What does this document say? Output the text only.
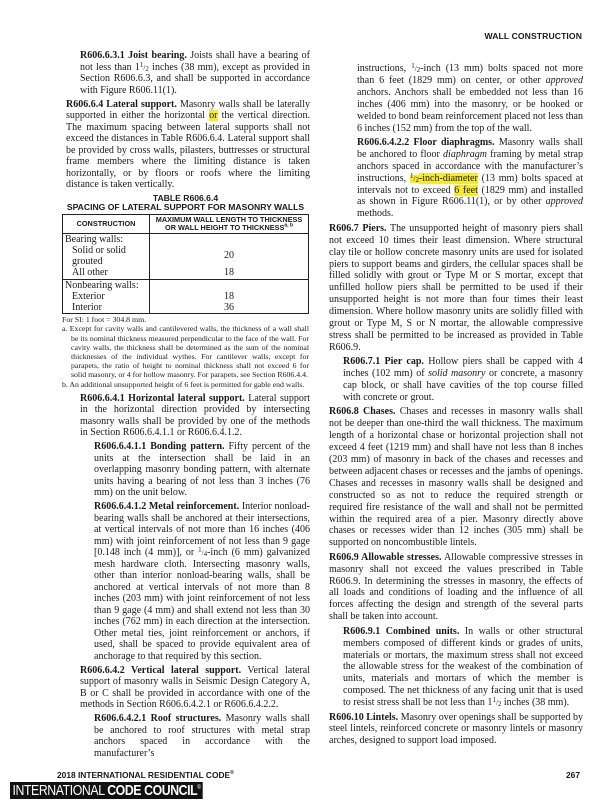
WALL CONSTRUCTION

R606.6.3.1 Joist bearing. Joists shall have a bearing of not less than 11/2 inches (38 mm), except as provided in Section R606.6.3, and shall be supported in accordance with Figure R606.11(1).

R606.6.4 Lateral support. Masonry walls shall be laterally supported in either the horizontal or the vertical direction. The maximum spacing between lateral supports shall not exceed the distances in Table R606.6.4. Lateral support shall be provided by cross walls, pilasters, buttresses or structural frame members where the limiting distance is taken horizontally, or by floors or roofs where the limiting distance is taken vertically.

TABLE R606.6.4
SPACING OF LATERAL SUPPORT FOR MASONRY WALLS
CONSTRUCTION	MAXIMUM WALL LENGTH TO THICKNESS OR WALL HEIGHT TO THICKNESS$^{a, b}$
Bearing walls:	
Solid or solid grouted	20
All other	18
Nonbearing walls:	
Exterior	18
Interior	36
For SI: 1 foot = 304.8 mm.
a. Except for cavity walls and cantilevered walls, the thickness of a wall shall be its nominal thickness measured perpendicular to the face of the wall. For cavity walls, the thickness shall be determined as the sum of the nominal thicknesses of the individual wythes. For cantilever walls, except for parapets, the ratio of height to nominal thickness shall not exceed 6 for solid masonry, or 4 for hollow masonry. For parapets, see Section R606.4.4.
b. An additional unsupported height of 6 feet is permitted for gable end walls.

R606.6.4.1 Horizontal lateral support. Lateral support in the horizontal direction provided by intersecting masonry walls shall be provided by one of the methods in Section R606.6.4.1.1 or R606.6.4.1.2.

R606.6.4.1.1 Bonding pattern. Fifty percent of the units at the intersection shall be laid in an overlapping masonry bonding pattern, with alternate units having a bearing of not less than 3 inches (76 mm) on the unit below.

R606.6.4.1.2 Metal reinforcement. Interior nonload-bearing walls shall be anchored at their intersections, at vertical intervals of not more than 16 inches (406 mm) with joint reinforcement of not less than 9 gage [0.148 inch (4 mm)], or 1/4-inch (6 mm) galvanized mesh hardware cloth. Intersecting masonry walls, other than interior nonload-bearing walls, shall be anchored at vertical intervals of not more than 8 inches (203 mm) with joint reinforcement of not less than 9 gage (4 mm) and shall extend not less than 30 inches (762 mm) in each direction at the intersection. Other metal ties, joint reinforcement or anchors, if used, shall be spaced to provide equivalent area of anchorage to that required by this section.

R606.6.4.2 Vertical lateral support. Vertical lateral support of masonry walls in Seismic Design Category A, B or C shall be provided in accordance with one of the methods in Section R606.6.4.2.1 or R606.6.4.2.2.

R606.6.4.2.1 Roof structures. Masonry walls shall be anchored to roof structures with metal strap anchors spaced in accordance with the manufacturer’s

instructions, 1/2-inch (13 mm) bolts spaced not more than 6 feet (1829 mm) on center, or other approved anchors. Anchors shall be embedded not less than 16 inches (406 mm) into the masonry, or be hooked or welded to bond beam reinforcement placed not less than 6 inches (152 mm) from the top of the wall.

R606.6.4.2.2 Floor diaphragms. Masonry walls shall be anchored to floor diaphragm framing by metal strap anchors spaced in accordance with the manufacturer’s instructions, 1/2-inch-diameter (13 mm) bolts spaced at intervals not to exceed 6 feet (1829 mm) and installed as shown in Figure R606.11(1), or by other approved methods.

R606.7 Piers. The unsupported height of masonry piers shall not exceed 10 times their least dimension. Where structural clay tile or hollow concrete masonry units are used for isolated piers to support beams and girders, the cellular spaces shall be filled solidly with grout or Type M or S mortar, except that unfilled hollow piers shall be permitted to be used if their unsupported height is not more than four times their least dimension. Where hollow masonry units are solidly filled with grout or Type M, S or N mortar, the allowable compressive stress shall be permitted to be increased as provided in Table R606.9.

R606.7.1 Pier cap. Hollow piers shall be capped with 4 inches (102 mm) of solid masonry or concrete, a masonry cap block, or shall have cavities of the top course filled with concrete or grout.

R606.8 Chases. Chases and recesses in masonry walls shall not be deeper than one-third the wall thickness. The maximum length of a horizontal chase or horizontal projection shall not exceed 4 feet (1219 mm) and shall have not less than 8 inches (203 mm) of masonry in back of the chases and recesses and between adjacent chases or recesses and the jambs of openings. Chases and recesses in masonry walls shall be designed and constructed so as not to reduce the required strength or required fire resistance of the wall and shall not be permitted within the required area of a pier. Masonry directly above chases or recesses wider than 12 inches (305 mm) shall be supported on noncombustible lintels.

R606.9 Allowable stresses. Allowable compressive stresses in masonry shall not exceed the values prescribed in Table R606.9. In determining the stresses in masonry, the effects of all loads and conditions of loading and the influence of all forces affecting the design and strength of the several parts shall be taken into account.

R606.9.1 Combined units. In walls or other structural members composed of different kinds or grades of units, materials or mortars, the maximum stress shall not exceed the allowable stress for the weakest of the combination of units, materials and mortars of which the member is composed. The net thickness of any facing unit that is used to resist stress shall be not less than 11/2 inches (38 mm).

R606.10 Lintels. Masonry over openings shall be supported by steel lintels, reinforced concrete or masonry lintels or masonry arches, designed to support load imposed.

2018 INTERNATIONAL RESIDENTIAL CODE®	267
INTERNATIONAL CODE COUNCIL®
